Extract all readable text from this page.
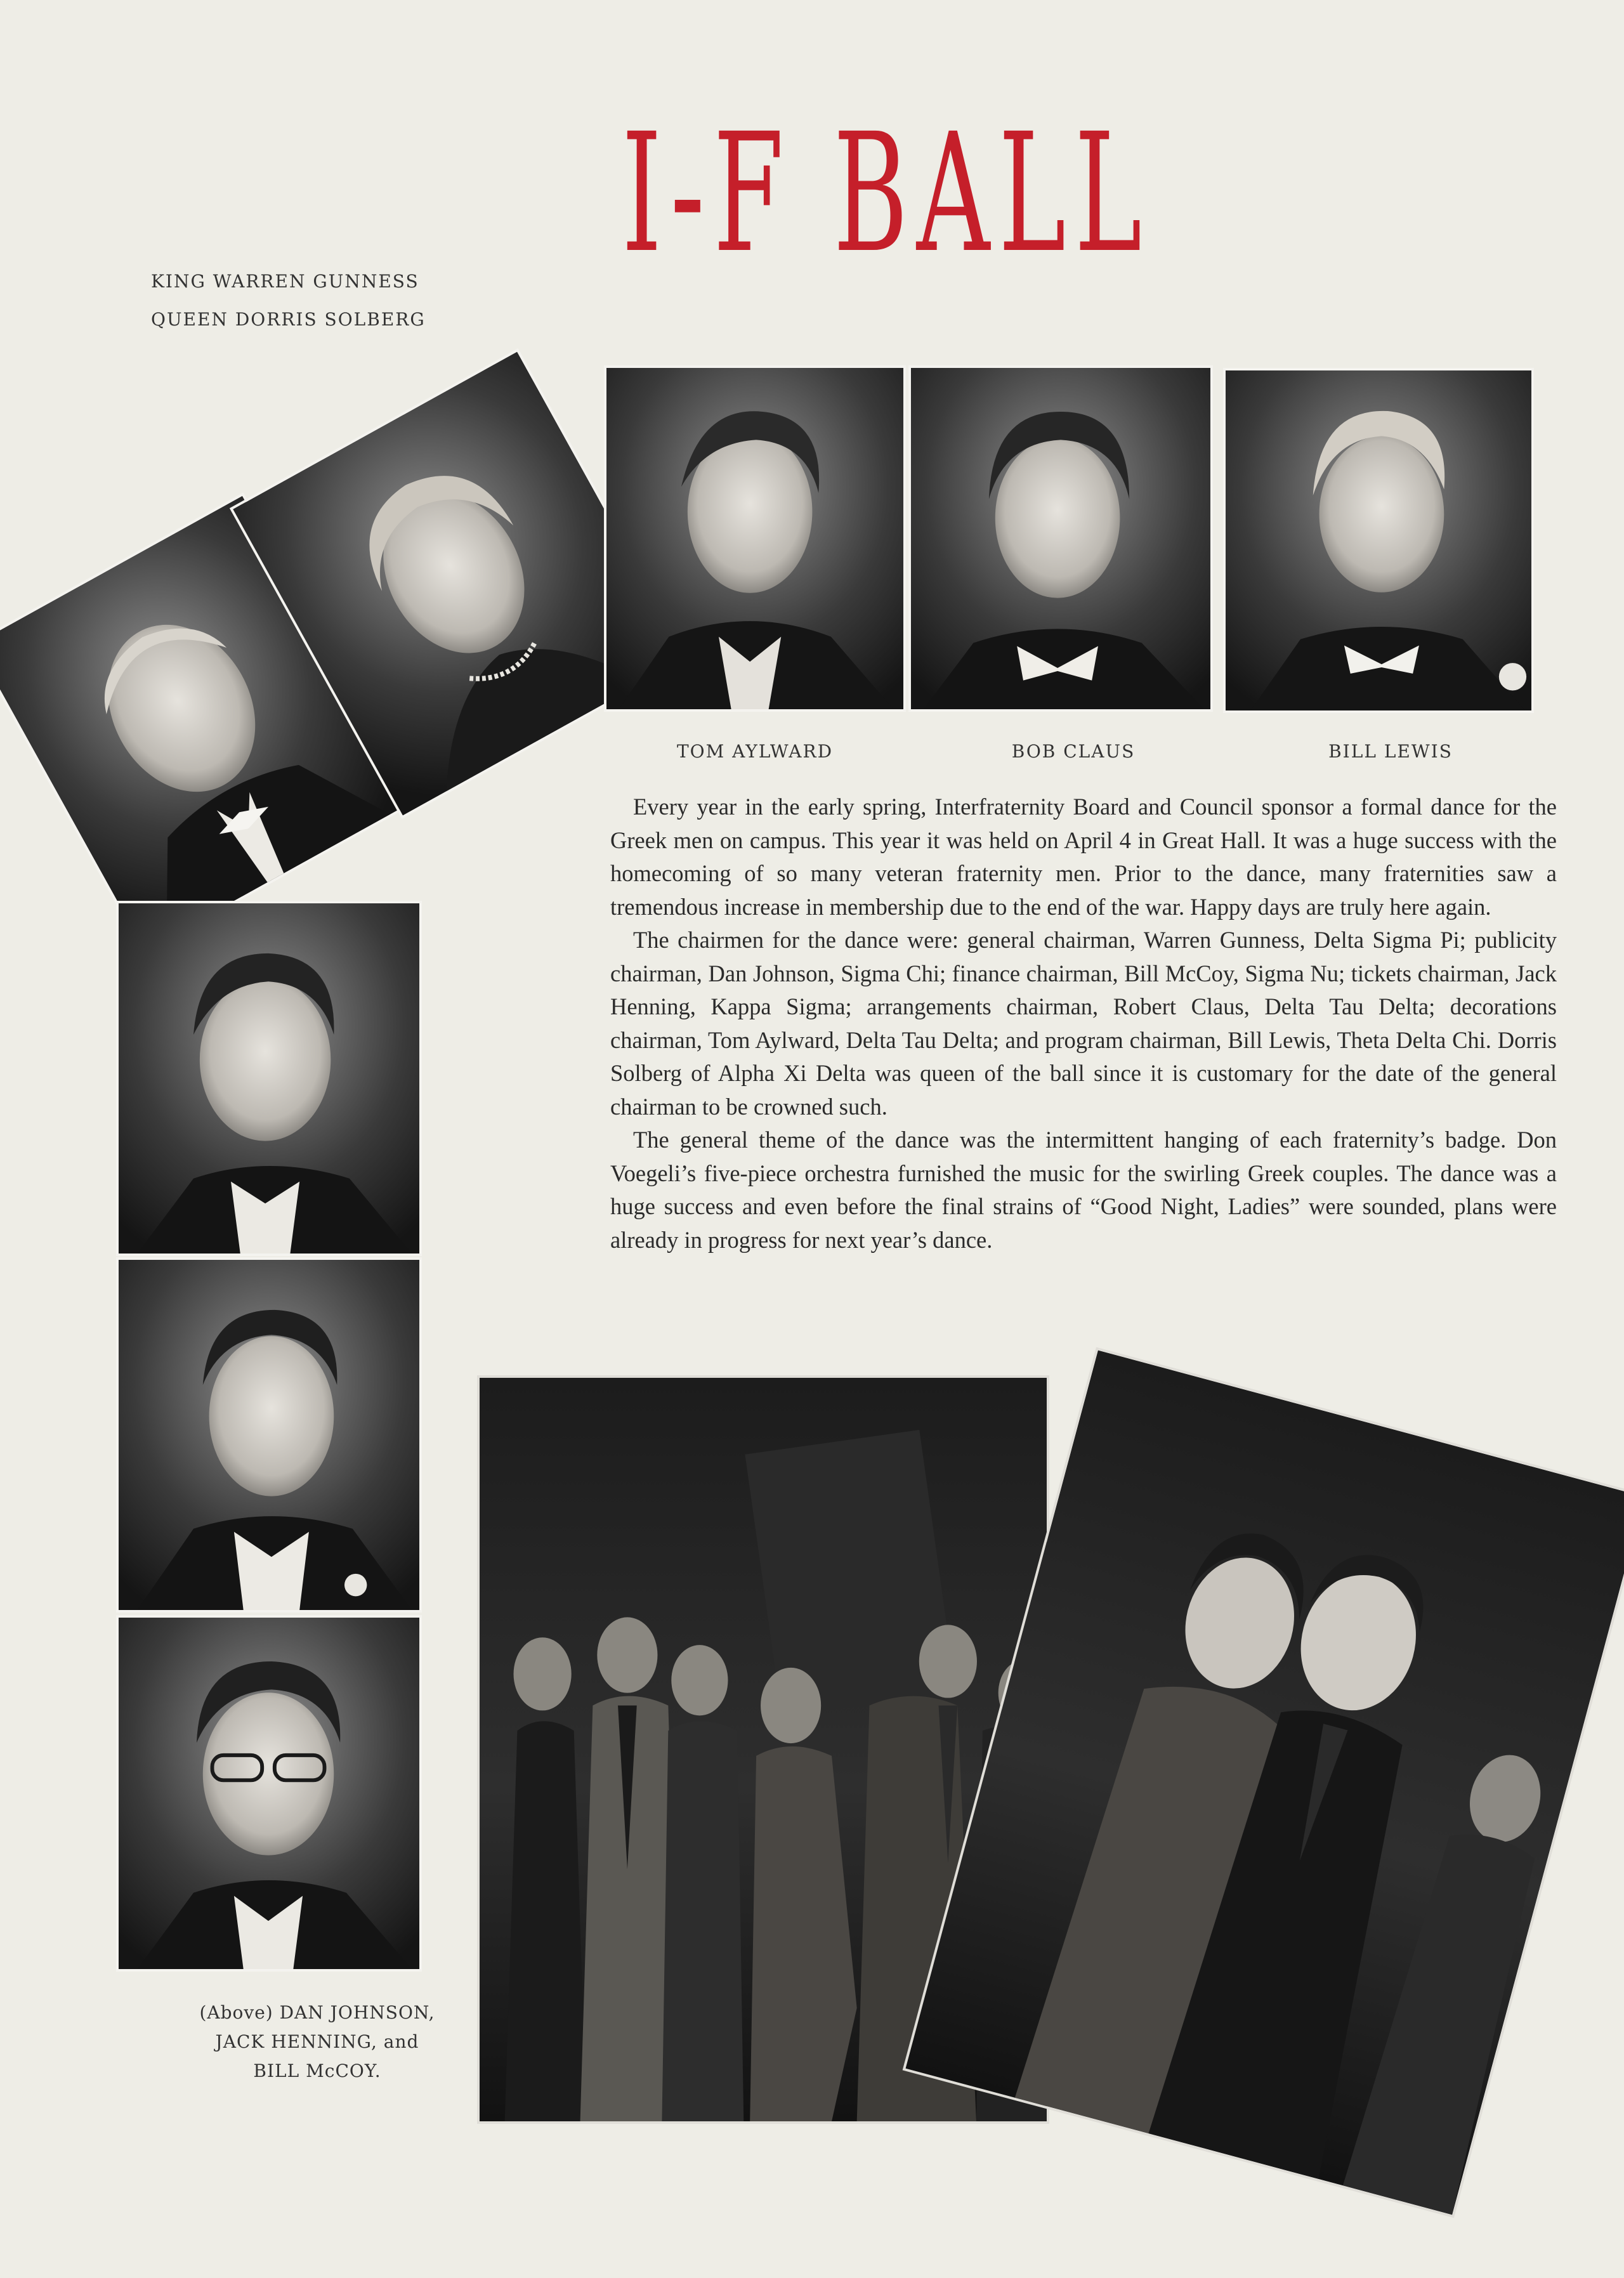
I-F BALL
KING WARREN GUNNESS
QUEEN DORRIS SOLBERG
TOM AYLWARD	BOB CLAUS	BILL LEWIS

Every year in the early spring, Interfraternity Board and Council sponsor a formal dance for the Greek men on campus. This year it was held on April 4 in Great Hall. It was a huge success with the homecoming of so many veteran fraternity men. Prior to the dance, many fraternities saw a tremendous increase in membership due to the end of the war. Happy days are truly here again.

The chairmen for the dance were: general chairman, Warren Gunness, Delta Sigma Pi; publicity chairman, Dan Johnson, Sigma Chi; finance chairman, Bill McCoy, Sigma Nu; tickets chairman, Jack Henning, Kappa Sigma; arrangements chairman, Robert Claus, Delta Tau Delta; decorations chairman, Tom Aylward, Delta Tau Delta; and program chairman, Bill Lewis, Theta Delta Chi. Dorris Solberg of Alpha Xi Delta was queen of the ball since it is customary for the date of the general chairman to be crowned such.

The general theme of the dance was the intermittent hanging of each fraternity’s badge. Don Voegeli’s five-piece orchestra furnished the music for the swirling Greek couples. The dance was a huge success and even before the final strains of “Good Night, Ladies” were sounded, plans were already in progress for next year’s dance.

(Above) DAN JOHNSON,
JACK HENNING, and
BILL McCOY.
